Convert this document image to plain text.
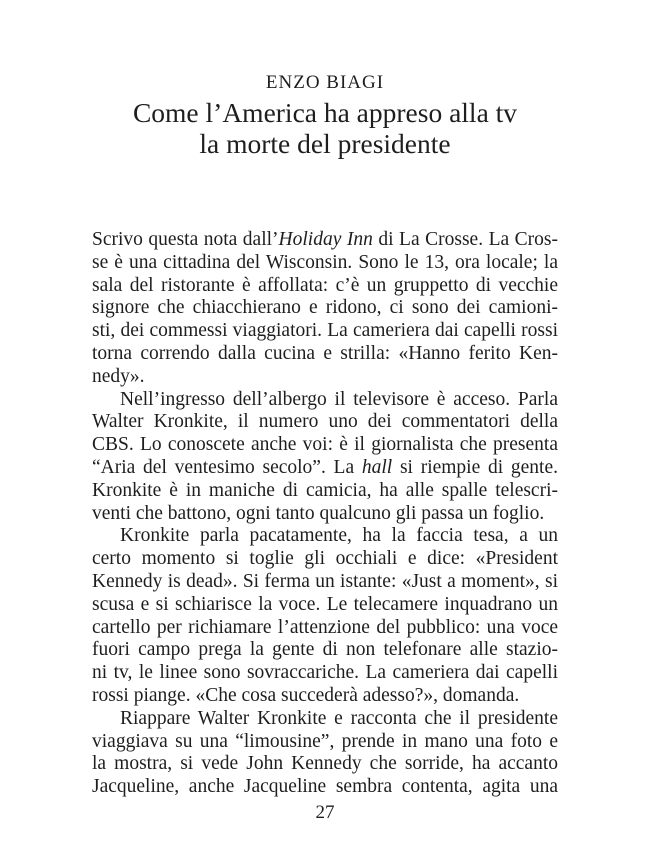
ENZO BIAGI
Come l’America ha appreso alla tv
la morte del presidente
Scrivo questa nota dall’Holiday Inn di La Crosse. La Cros-
se è una cittadina del Wisconsin. Sono le 13, ora locale; la
sala del ristorante è affollata: c’è un gruppetto di vecchie
signore che chiacchierano e ridono, ci sono dei camioni-
sti, dei commessi viaggiatori. La cameriera dai capelli rossi
torna correndo dalla cucina e strilla: «Hanno ferito Ken-
nedy».
Nell’ingresso dell’albergo il televisore è acceso. Parla
Walter Kronkite, il numero uno dei commentatori della
CBS. Lo conoscete anche voi: è il giornalista che presenta
“Aria del ventesimo secolo”. La hall si riempie di gente.
Kronkite è in maniche di camicia, ha alle spalle telescri-
venti che battono, ogni tanto qualcuno gli passa un foglio.
Kronkite parla pacatamente, ha la faccia tesa, a un
certo momento si toglie gli occhiali e dice: «President
Kennedy is dead». Si ferma un istante: «Just a moment», si
scusa e si schiarisce la voce. Le telecamere inquadrano un
cartello per richiamare l’attenzione del pubblico: una voce
fuori campo prega la gente di non telefonare alle stazio-
ni tv, le linee sono sovraccariche. La cameriera dai capelli
rossi piange. «Che cosa succederà adesso?», domanda.
Riappare Walter Kronkite e racconta che il presidente
viaggiava su una “limousine”, prende in mano una foto e
la mostra, si vede John Kennedy che sorride, ha accanto
Jacqueline, anche Jacqueline sembra contenta, agita una
27
